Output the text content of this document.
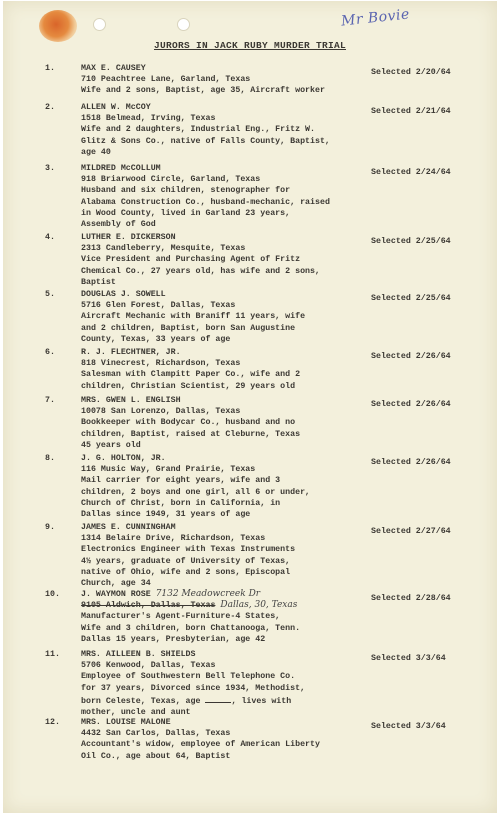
Mr Bovie
JURORS IN JACK RUBY MURDER TRIAL
1.	MAX E. CAUSEY
710 Peachtree Lane, Garland, Texas
Wife and 2 sons, Baptist, age 35, Aircraft worker
Selected 2/20/64
2.	ALLEN W. McCOY
1518 Belmead, Irving, Texas
Wife and 2 daughters, Industrial Eng., Fritz W.
Glitz & Sons Co., native of Falls County, Baptist,
age 40
Selected 2/21/64
3.	MILDRED McCOLLUM
918 Briarwood Circle, Garland, Texas
Husband and six children, stenographer for
Alabama Construction Co., husband-mechanic, raised
in Wood County, lived in Garland 23 years,
Assembly of God
Selected 2/24/64
4.	LUTHER E. DICKERSON
2313 Candleberry, Mesquite, Texas
Vice President and Purchasing Agent of Fritz
Chemical Co., 27 years old, has wife and 2 sons,
Baptist
Selected 2/25/64
5.	DOUGLAS J. SOWELL
5716 Glen Forest, Dallas, Texas
Aircraft Mechanic with Braniff 11 years, wife
and 2 children, Baptist, born San Augustine
County, Texas, 33 years of age
Selected 2/25/64
6.	R. J. FLECHTNER, JR.
818 Vinecrest, Richardson, Texas
Salesman with Clampitt Paper Co., wife and 2
children, Christian Scientist, 29 years old
Selected 2/26/64
7.	MRS. GWEN L. ENGLISH
10078 San Lorenzo, Dallas, Texas
Bookkeeper with Bodycar Co., husband and no
children, Baptist, raised at Cleburne, Texas
45 years old
Selected 2/26/64
8.	J. G. HOLTON, JR.
116 Music Way, Grand Prairie, Texas
Mail carrier for eight years, wife and 3
children, 2 boys and one girl, all 6 or under,
Church of Christ, born in California, in
Dallas since 1949, 31 years of age
Selected 2/26/64
9.	JAMES E. CUNNINGHAM
1314 Belaire Drive, Richardson, Texas
Electronics Engineer with Texas Instruments
4½ years, graduate of University of Texas,
native of Ohio, wife and 2 sons, Episcopal
Church, age 34
Selected 2/27/64
10.	J. WAYMON ROSE 7132 Meadowcreek Dr
9105 Aldwich, Dallas, Texas Dallas, 30, Texas
Manufacturer's Agent-Furniture-4 States,
Wife and 3 children, born Chattanooga, Tenn.
Dallas 15 years, Presbyterian, age 42
Selected 2/28/64
11.	MRS. AILLEEN B. SHIELDS
5706 Kenwood, Dallas, Texas
Employee of Southwestern Bell Telephone Co.
for 37 years, Divorced since 1934, Methodist,
born Celeste, Texas, age	, lives with
mother, uncle and aunt
Selected 3/3/64
12.	MRS. LOUISE MALONE
4432 San Carlos, Dallas, Texas
Accountant's widow, employee of American Liberty
Oil Co., age about 64, Baptist
Selected 3/3/64
